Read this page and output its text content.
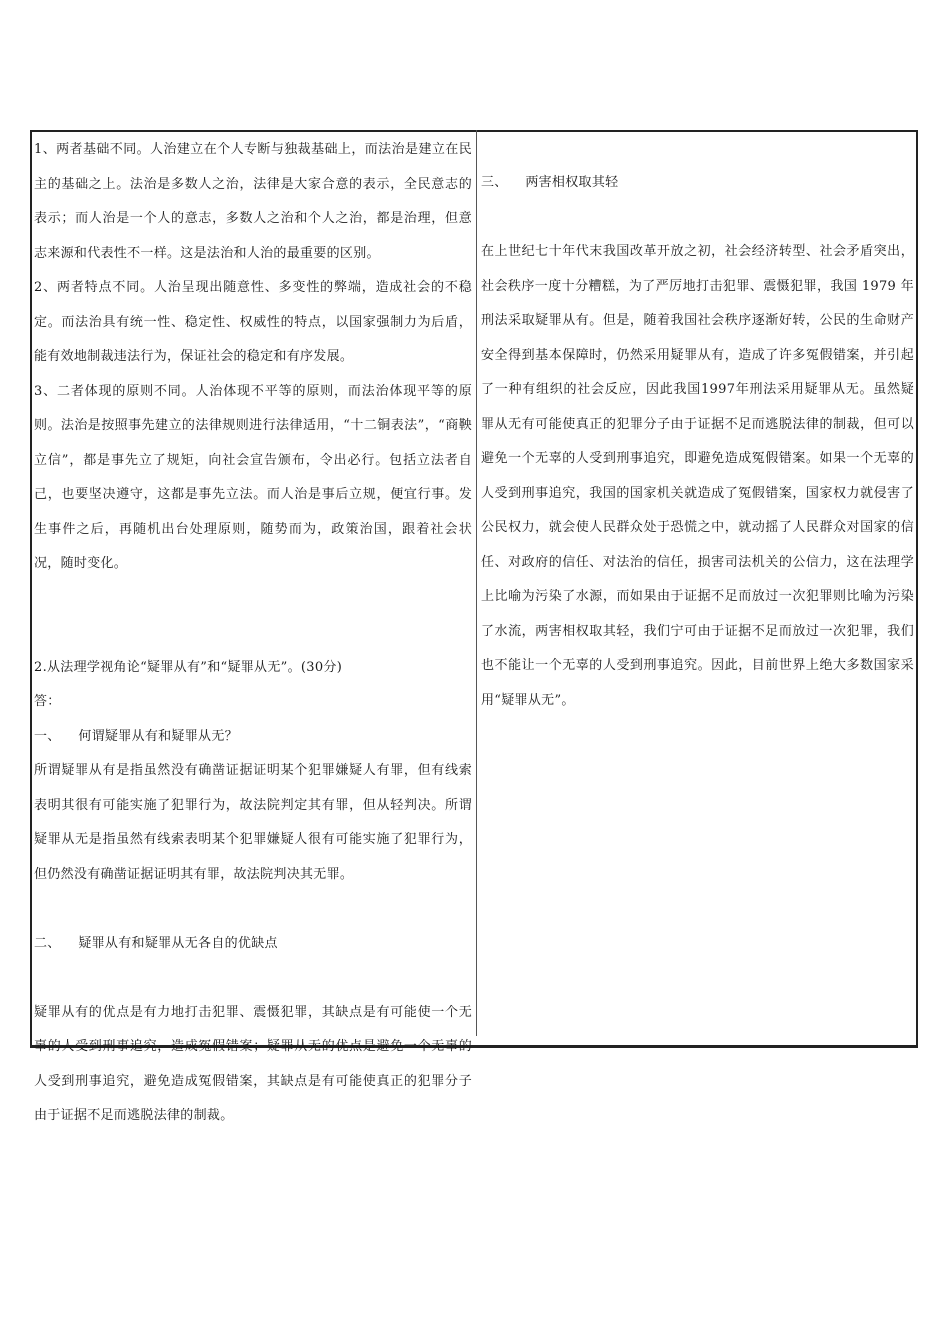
1、两者基础不同。人治建立在个人专断与独裁基础上，而法治是建立在民主的基础之上。法治是多数人之治，法律是大家合意的表示，全民意志的表示；而人治是一个人的意志，多数人之治和个人之治，都是治理，但意志来源和代表性不一样。这是法治和人治的最重要的区别。

2、两者特点不同。人治呈现出随意性、多变性的弊端，造成社会的不稳定。而法治具有统一性、稳定性、权威性的特点，以国家强制力为后盾，能有效地制裁违法行为，保证社会的稳定和有序发展。

3、二者体现的原则不同。人治体现不平等的原则，而法治体现平等的原则。法治是按照事先建立的法律规则进行法律适用，“十二铜表法”，“商鞅立信”，都是事先立了规矩，向社会宣告颁布，令出必行。包括立法者自己，也要坚决遵守，这都是事先立法。而人治是事后立规，便宜行事。发生事件之后，再随机出台处理原则，随势而为，政策治国，跟着社会状况，随时变化。

2.从法理学视角论“疑罪从有”和“疑罪从无”。(30分)

答：

一、    何谓疑罪从有和疑罪从无？

所谓疑罪从有是指虽然没有确凿证据证明某个犯罪嫌疑人有罪，但有线索表明其很有可能实施了犯罪行为，故法院判定其有罪，但从轻判决。所谓疑罪从无是指虽然有线索表明某个犯罪嫌疑人很有可能实施了犯罪行为，但仍然没有确凿证据证明其有罪，故法院判决其无罪。

二、    疑罪从有和疑罪从无各自的优缺点

疑罪从有的优点是有力地打击犯罪、震慑犯罪，其缺点是有可能使一个无辜的人受到刑事追究，造成冤假错案；疑罪从无的优点是避免一个无辜的人受到刑事追究，避免造成冤假错案，其缺点是有可能使真正的犯罪分子由于证据不足而逃脱法律的制裁。

三、    两害相权取其轻

在上世纪七十年代末我国改革开放之初，社会经济转型、社会矛盾突出，社会秩序一度十分糟糕，为了严厉地打击犯罪、震慑犯罪，我国 1979 年刑法采取疑罪从有。但是，随着我国社会秩序逐渐好转，公民的生命财产安全得到基本保障时，仍然采用疑罪从有，造成了许多冤假错案，并引起了一种有组织的社会反应，因此我国1997年刑法采用疑罪从无。虽然疑罪从无有可能使真正的犯罪分子由于证据不足而逃脱法律的制裁，但可以避免一个无辜的人受到刑事追究，即避免造成冤假错案。如果一个无辜的人受到刑事追究，我国的国家机关就造成了冤假错案，国家权力就侵害了公民权力，就会使人民群众处于恐慌之中，就动摇了人民群众对国家的信任、对政府的信任、对法治的信任，损害司法机关的公信力，这在法理学上比喻为污染了水源，而如果由于证据不足而放过一次犯罪则比喻为污染了水流，两害相权取其轻，我们宁可由于证据不足而放过一次犯罪，我们也不能让一个无辜的人受到刑事追究。因此，目前世界上绝大多数国家采用“疑罪从无”。
